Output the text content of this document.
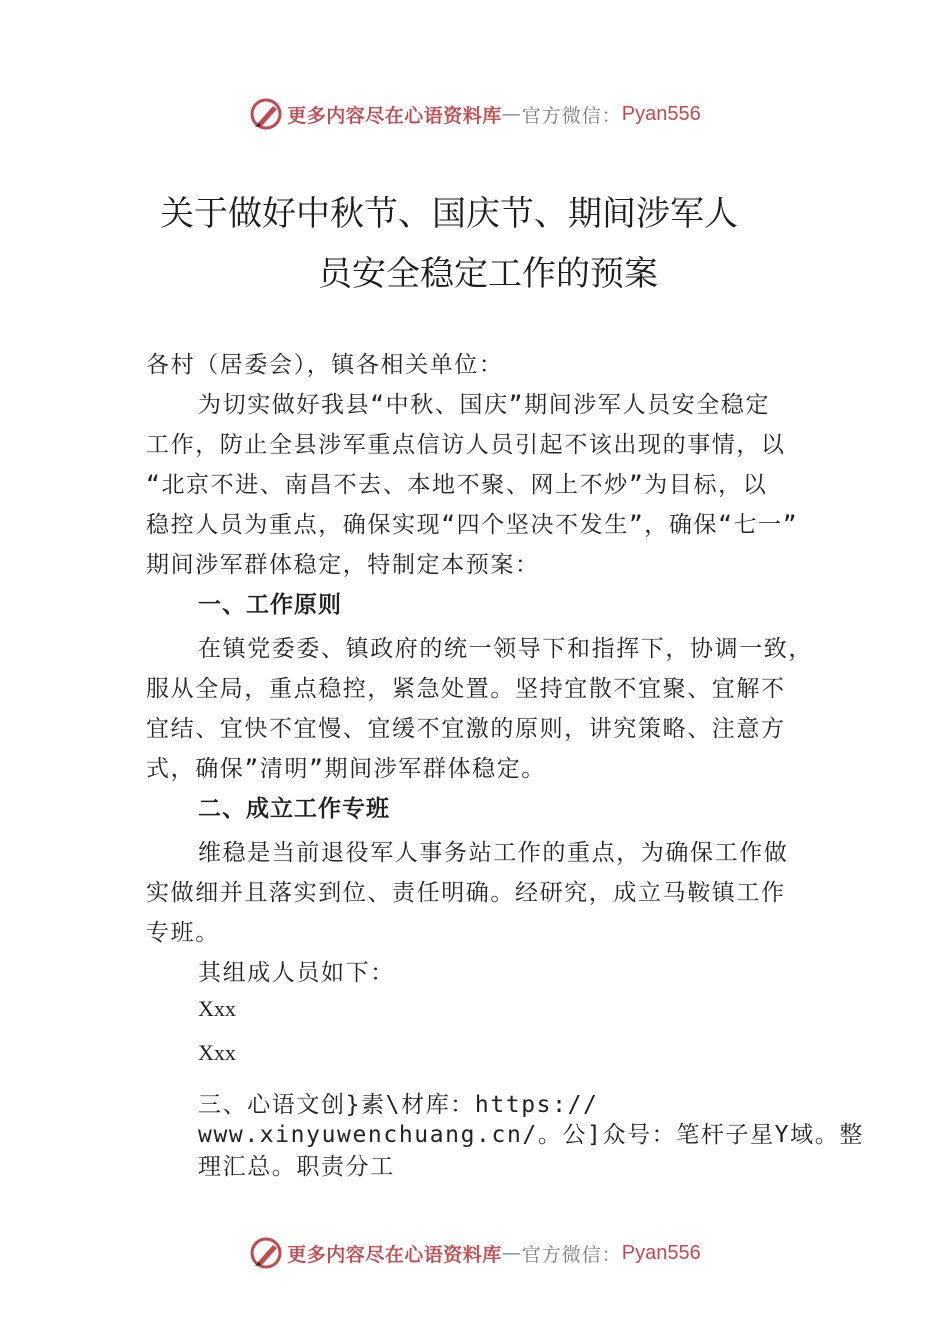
更多内容尽在心语资料库 — 官方微信： Pyan556
关于做好中秋节、国庆节、期间涉军人
员安全稳定工作的预案
各村（居委会），镇各相关单位：
为切实做好我县“中秋、国庆”期间涉军人员安全稳定
工作，防止全县涉军重点信访人员引起不该出现的事情，以
“北京不进、南昌不去、本地不聚、网上不炒”为目标，以
稳控人员为重点，确保实现“四个坚决不发生”，确保“七一”
期间涉军群体稳定，特制定本预案：
一、工作原则
在镇党委委、镇政府的统一领导下和指挥下，协调一致，
服从全局，重点稳控，紧急处置。坚持宜散不宜聚、宜解不
宜结、宜快不宜慢、宜缓不宜激的原则，讲究策略、注意方
式，确保”清明”期间涉军群体稳定。
二、成立工作专班
维稳是当前退役军人事务站工作的重点，为确保工作做
实做细并且落实到位、责任明确。经研究，成立马鞍镇工作
专班。
其组成人员如下：
Xxx
Xxx
三、心语文创}素\材库：https://
www.xinyuwenchuang.cn/。公]众号：笔杆子星Y域。整
理汇总。职责分工
更多内容尽在心语资料库 — 官方微信： Pyan556
